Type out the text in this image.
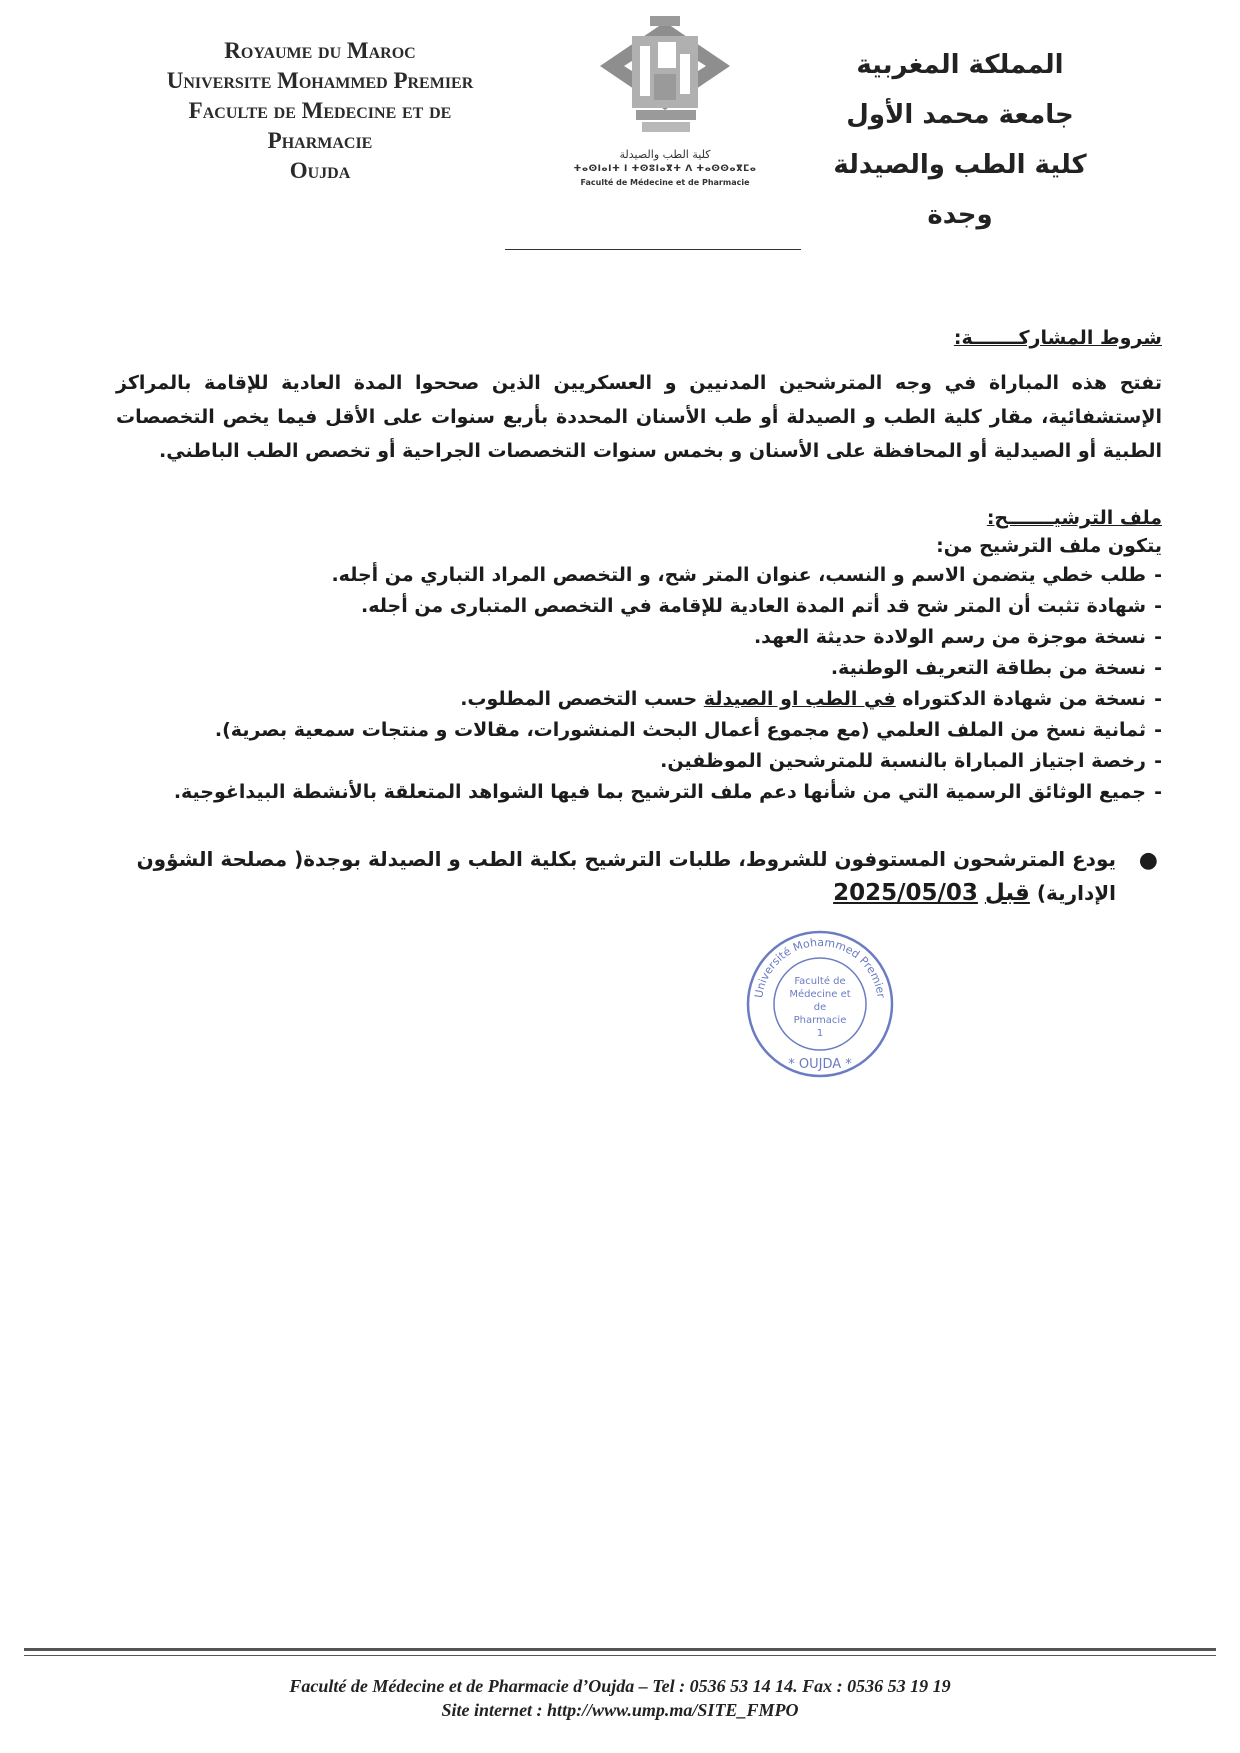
Royaume du Maroc
Universite Mohammed Premier
Faculte de Medecine et de
Pharmacie
Oujda
كلية الطب والصيدلة
ⵜⴰⵙⵏⴰⵏⵜ ⵏ ⵜⵙⵓⵏⴰⴳⵜ ⴷ ⵜⴰⵙⵙⴰⴳⵎⴰ
Faculté de Médecine et de Pharmacie
المملكة المغربية
جامعة محمد الأول
كلية الطب والصيدلة
وجدة
شروط المشاركـــــــة:
تفتح هذه المباراة في وجه المترشحين المدنيين و العسكريين الذين صححوا المدة العادية للإقامة بالمراكز الإستشفائية، مقار كلية الطب و الصيدلة أو طب الأسنان المحددة بأربع سنوات على الأقل فيما يخص التخصصات الطبية أو الصيدلية أو المحافظة على الأسنان و بخمس سنوات التخصصات الجراحية أو تخصص الطب الباطني.
ملف الترشيـــــــح:
يتكون ملف الترشيح من:
-طلب خطي يتضمن الاسم و النسب، عنوان المتر شح، و التخصص المراد التباري من أجله.
-شهادة تثبت أن المتر شح قد أتم المدة العادية للإقامة في التخصص المتبارى من أجله.
-نسخة موجزة من رسم الولادة حديثة العهد.
-نسخة من بطاقة التعريف الوطنية.
-نسخة من شهادة الدكتوراه في الطب او الصيدلة حسب التخصص المطلوب.
-ثمانية نسخ من الملف العلمي (مع مجموع أعمال البحث المنشورات، مقالات و منتجات سمعية بصرية).
-رخصة اجتياز المباراة بالنسبة للمترشحين الموظفين.
-جميع الوثائق الرسمية التي من شأنها دعم ملف الترشيح بما فيها الشواهد المتعلقة بالأنشطة البيداغوجية.
●
يودع المترشحون المستوفون للشروط، طلبات الترشيح بكلية الطب و الصيدلة بوجدة( مصلحة الشؤون الإدارية) قبل 2025/05/03
Université Mohammed Premier
Faculté de
Médecine et
de
Pharmacie
1
* OUJDA *
Faculté de Médecine et de Pharmacie d’Oujda – Tel : 0536 53 14 14. Fax : 0536 53 19 19
Site internet : http://www.ump.ma/SITE_FMPO
